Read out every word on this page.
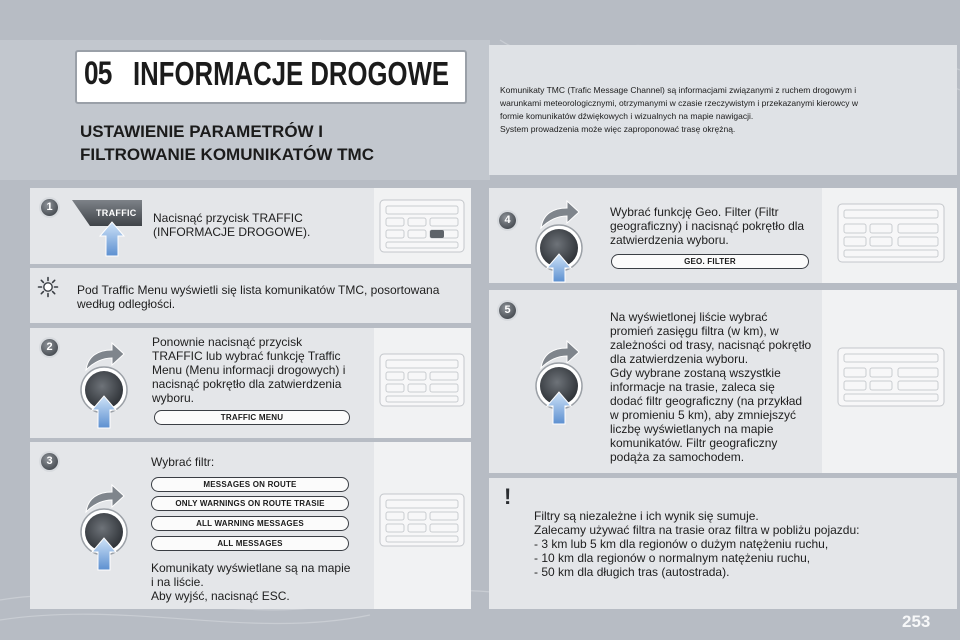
05 INFORMACJE DROGOWE
USTAWIENIE PARAMETRÓW I
FILTROWANIE KOMUNIKATÓW TMC

Komunikaty TMC (Trafic Message Channel) są informacjami związanymi z ruchem drogowym i

warunkami meteorologicznymi, otrzymanymi w czasie rzeczywistym i przekazanymi kierowcy w

formie komunikatów dźwiękowych i wizualnych na mapie nawigacji.

System prowadzenia może więc zaproponować trasę okrężną.

1	TRAFFIC Nacisnąć przycisk TRAFFIC

(INFORMACJE DROGOWE).

Pod Traffic Menu wyświetli się lista komunikatów TMC, posortowana

według odległości.

2	Ponownie nacisnąć przycisk

TRAFFIC lub wybrać funkcję Traffic

Menu (Menu informacji drogowych) i

nacisnąć pokrętło dla zatwierdzenia

wyboru.

TRAFFIC MENU
3	Wybrać filtr:
MESSAGES ON ROUTE
ONLY WARNINGS ON ROUTE TRASIE
ALL WARNING MESSAGES
ALL MESSAGES

Komunikaty wyświetlane są na mapie

i na liście.

Aby wyjść, nacisnąć ESC.

4

Wybrać funkcję Geo. Filter (Filtr

geograficzny) i nacisnąć pokrętło dla

zatwierdzenia wyboru.

GEO. FILTER
5	Na wyświetlonej liście wybrać

promień zasięgu filtra (w km), w

zależności od trasy, nacisnąć pokrętło

dla zatwierdzenia wyboru.

Gdy wybrane zostaną wszystkie

informacje na trasie, zaleca się

dodać filtr geograficzny (na przykład

w promieniu 5 km), aby zmniejszyć

liczbę wyświetlanych na mapie

komunikatów. Filtr geograficzny

podąża za samochodem.

!

Filtry są niezależne i ich wynik się sumuje.

Zalecamy używać filtra na trasie oraz filtra w pobliżu pojazdu:

- 3 km lub 5 km dla regionów o dużym natężeniu ruchu,

- 10 km dla regionów o normalnym natężeniu ruchu,

- 50 km dla długich tras (autostrada).

253
